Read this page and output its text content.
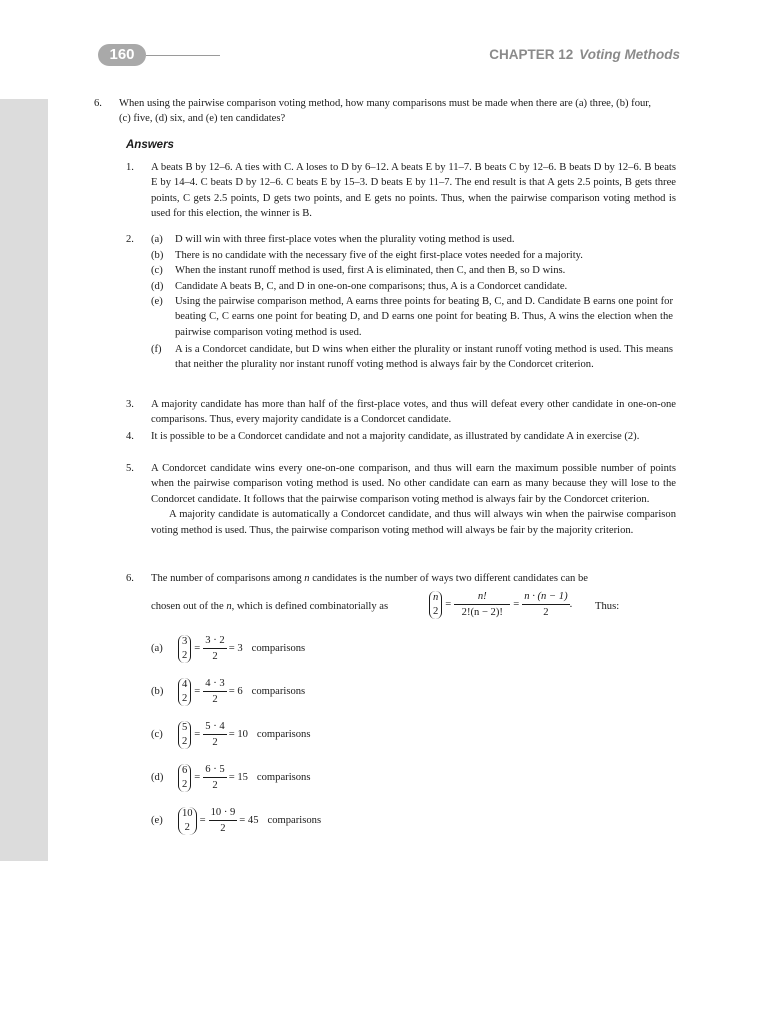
160	CHAPTER 12 Voting Methods
6. When using the pairwise comparison voting method, how many comparisons must be made when there are (a) three, (b) four, (c) five, (d) six, and (e) ten candidates?
Answers
1. A beats B by 12–6. A ties with C. A loses to D by 6–12. A beats E by 11–7. B beats C by 12–6. B beats D by 12–6. B beats E by 14–4. C beats D by 12–6. C beats E by 15–3. D beats E by 11–7. The end result is that A gets 2.5 points, B gets three points, C gets 2.5 points, D gets two points, and E gets no points. Thus, when the pairwise comparison voting method is used for this election, the winner is B.
2. (a) D will win with three first-place votes when the plurality voting method is used.
(b) There is no candidate with the necessary five of the eight first-place votes needed for a majority.
(c) When the instant runoff method is used, first A is eliminated, then C, and then B, so D wins.
(d) Candidate A beats B, C, and D in one-on-one comparisons; thus, A is a Condorcet candidate.
(e) Using the pairwise comparison method, A earns three points for beating B, C, and D. Candidate B earns one point for beating C, C earns one point for beating D, and D earns one point for beating B. Thus, A wins the election when the pairwise comparison voting method is used.
(f) A is a Condorcet candidate, but D wins when either the plurality or instant runoff voting method is used. This means that neither the plurality nor instant runoff voting method is always fair by the Condorcet criterion.
3. A majority candidate has more than half of the first-place votes, and thus will defeat every other candidate in one-on-one comparisons. Thus, every majority candidate is a Condorcet candidate.
4. It is possible to be a Condorcet candidate and not a majority candidate, as illustrated by candidate A in exercise (2).
5. A Condorcet candidate wins every one-on-one comparison, and thus will earn the maximum possible number of points when the pairwise comparison voting method is used. No other candidate can earn as many because they will lose to the Condorcet candidate. It follows that the pairwise comparison voting method is always fair by the Condorcet criterion.
A majority candidate is automatically a Condorcet candidate, and thus will always win when the pairwise comparison voting method is used. Thus, the pairwise comparison voting method will always be fair by the majority criterion.
6. The number of comparisons among n candidates is the number of ways two different candidates can be
chosen out of the n, which is defined combinatorially as
n
2
= $\frac{n!}{2!(n - 2)!} = \frac{n \cdot (n - 1)}{2}$ . Thus:
(a)
3
2
= $\frac{3 \cdot 2}{2} = 3$ comparisons
(b)
4
2
= $\frac{4 \cdot 3}{2} = 6$ comparisons
(c)
5
2
= $\frac{5 \cdot 4}{2} = 10$ comparisons
(d)
6
2
= $\frac{6 \cdot 5}{2} = 15$ comparisons
(e)
10
2
= $\frac{10 \cdot 9}{2} = 45$ comparisons
